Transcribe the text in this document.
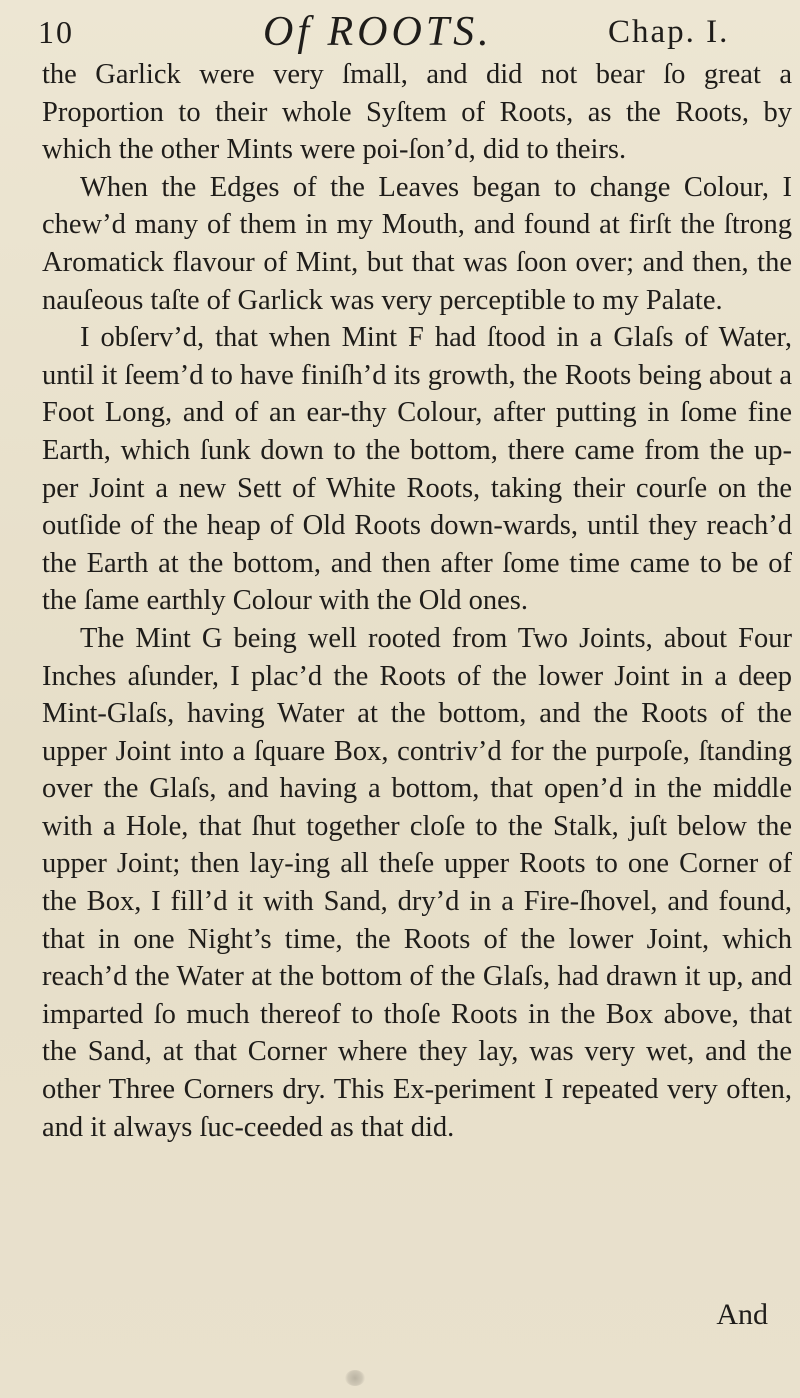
10	Of ROOTS.	Chap. I.

the Garlick were very ſmall, and did not bear ſo great a Proportion to their whole Syſtem of Roots, as the Roots, by which the other Mints were poi-ſon’d, did to theirs.

When the Edges of the Leaves began to change Colour, I chew’d many of them in my Mouth, and found at firſt the ſtrong Aromatick flavour of Mint, but that was ſoon over; and then, the nauſeous taſte of Garlick was very perceptible to my Palate.

I obſerv’d, that when Mint F had ſtood in a Glaſs of Water, until it ſeem’d to have finiſh’d its growth, the Roots being about a Foot Long, and of an ear-thy Colour, after putting in ſome fine Earth, which ſunk down to the bottom, there came from the up-per Joint a new Sett of White Roots, taking their courſe on the outſide of the heap of Old Roots down-wards, until they reach’d the Earth at the bottom, and then after ſome time came to be of the ſame earthly Colour with the Old ones.

The Mint G being well rooted from Two Joints, about Four Inches aſunder, I plac’d the Roots of the lower Joint in a deep Mint-Glaſs, having Water at the bottom, and the Roots of the upper Joint into a ſquare Box, contriv’d for the purpoſe, ſtanding over the Glaſs, and having a bottom, that open’d in the middle with a Hole, that ſhut together cloſe to the Stalk, juſt below the upper Joint; then lay-ing all theſe upper Roots to one Corner of the Box, I fill’d it with Sand, dry’d in a Fire-ſhovel, and found, that in one Night’s time, the Roots of the lower Joint, which reach’d the Water at the bottom of the Glaſs, had drawn it up, and imparted ſo much thereof to thoſe Roots in the Box above, that the Sand, at that Corner where they lay, was very wet, and the other Three Corners dry. This Ex-periment I repeated very often, and it always ſuc-ceeded as that did.

And
